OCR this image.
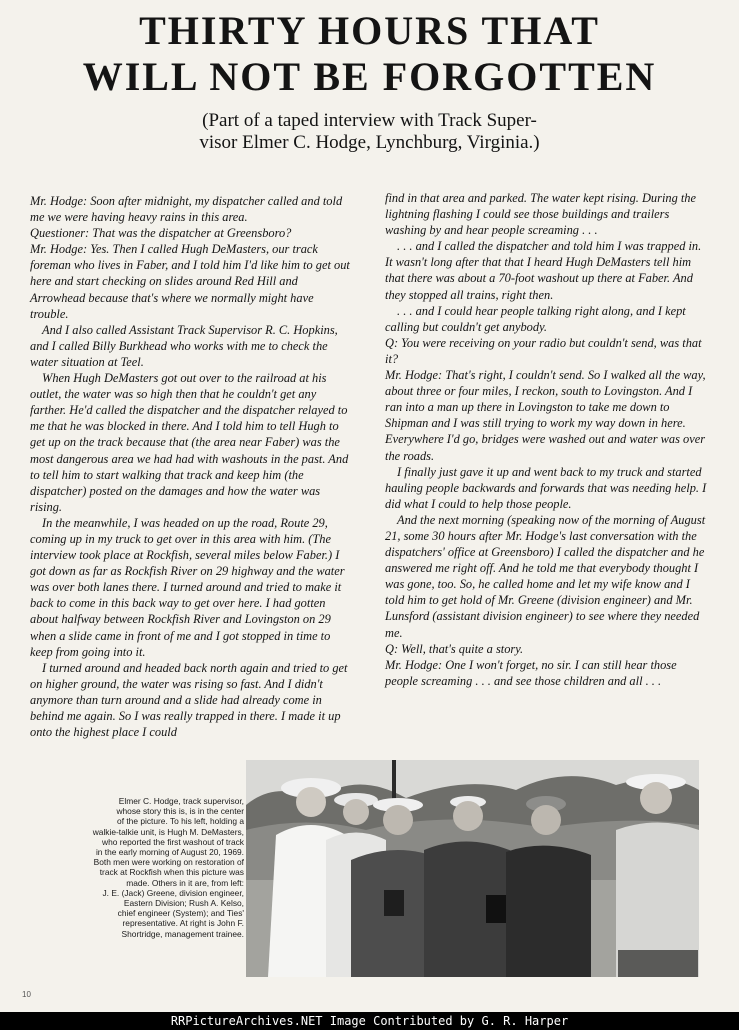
THIRTY HOURS THAT
WILL NOT BE FORGOTTEN
(Part of a taped interview with Track Super-
visor Elmer C. Hodge, Lynchburg, Virginia.)

Mr. Hodge: Soon after midnight, my dispatcher called and told me we were having heavy rains in this area.

Questioner: That was the dispatcher at Greensboro?

Mr. Hodge: Yes. Then I called Hugh DeMasters, our track foreman who lives in Faber, and I told him I'd like him to get out here and start checking on slides around Red Hill and Arrowhead because that's where we normally might have trouble.

And I also called Assistant Track Supervisor R. C. Hopkins, and I called Billy Burkhead who works with me to check the water situation at Teel.

When Hugh DeMasters got out over to the railroad at his outlet, the water was so high then that he couldn't get any farther. He'd called the dispatcher and the dispatcher relayed to me that he was blocked in there. And I told him to tell Hugh to get up on the track because that (the area near Faber) was the most dangerous area we had had with washouts in the past. And to tell him to start walking that track and keep him (the dispatcher) posted on the damages and how the water was rising.

In the meanwhile, I was headed on up the road, Route 29, coming up in my truck to get over in this area with him. (The interview took place at Rockfish, several miles below Faber.) I got down as far as Rockfish River on 29 highway and the water was over both lanes there. I turned around and tried to make it back to come in this back way to get over here. I had gotten about halfway between Rockfish River and Lovingston on 29 when a slide came in front of me and I got stopped in time to keep from going into it.

I turned around and headed back north again and tried to get on higher ground, the water was rising so fast. And I didn't anymore than turn around and a slide had already come in behind me again. So I was really trapped in there. I made it up onto the highest place I could

find in that area and parked. The water kept rising. During the lightning flashing I could see those buildings and trailers washing by and hear people screaming . . .

. . . and I called the dispatcher and told him I was trapped in. It wasn't long after that that I heard Hugh DeMasters tell him that there was about a 70-foot washout up there at Faber. And they stopped all trains, right then.

. . . and I could hear people talking right along, and I kept calling but couldn't get anybody.

Q: You were receiving on your radio but couldn't send, was that it?

Mr. Hodge: That's right, I couldn't send. So I walked all the way, about three or four miles, I reckon, south to Lovingston. And I ran into a man up there in Lovingston to take me down to Shipman and I was still trying to work my way down in here. Everywhere I'd go, bridges were washed out and water was over the roads.

I finally just gave it up and went back to my truck and started hauling people backwards and forwards that was needing help. I did what I could to help those people.

And the next morning (speaking now of the morning of August 21, some 30 hours after Mr. Hodge's last conversation with the dispatchers' office at Greensboro) I called the dispatcher and he answered me right off. And he told me that everybody thought I was gone, too. So, he called home and let my wife know and I told him to get hold of Mr. Greene (division engineer) and Mr. Lunsford (assistant division engineer) to see where they needed me.

Q: Well, that's quite a story.

Mr. Hodge: One I won't forget, no sir. I can still hear those people screaming . . . and see those children and all . . .

Elmer C. Hodge, track supervisor,
whose story this is, is in the center
of the picture. To his left, holding a
walkie-talkie unit, is Hugh M. DeMasters,
who reported the first washout of track
in the early morning of August 20, 1969.
Both men were working on restoration of
track at Rockfish when this picture was
made. Others in it are, from left:
J. E. (Jack) Greene, division engineer,
Eastern Division; Rush A. Kelso,
chief engineer (System); and Ties'
representative. At right is John F.
Shortridge, management trainee.
10
RRPictureArchives.NET Image Contributed by G. R. Harper
